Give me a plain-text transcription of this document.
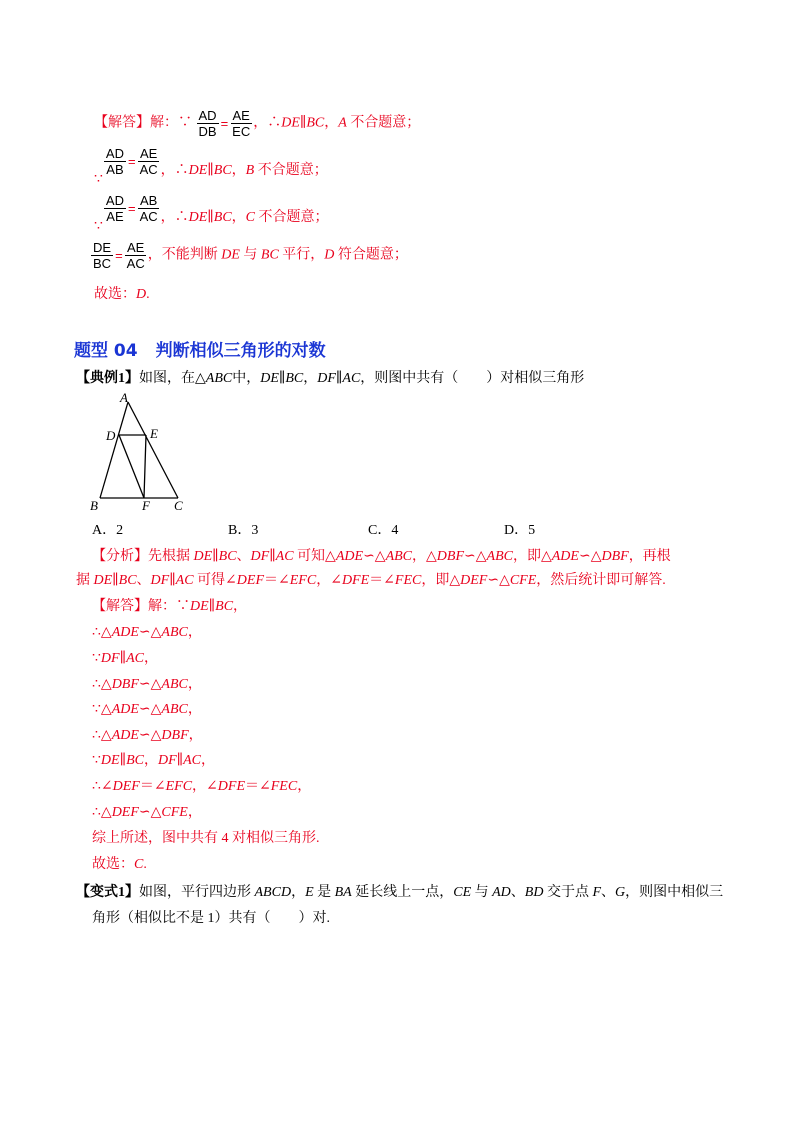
【解答】解：∵ $\frac{AD}{DB} = \frac{AE}{EC}$ ，∴DE∥BC，A 不合题意；
∵
$\frac{AD}{AB} = \frac{AE}{AC}$ ，∴DE∥BC，B 不合题意；
∵
$\frac{AD}{AE} = \frac{AB}{AC}$ ，∴DE∥BC，C 不合题意；
$\frac{DE}{BC} = \frac{AE}{AC}$ ，不能判断 DE 与 BC 平行，D 符合题意；
故选：D.
题型 04 判断相似三角形的对数
【典例1】如图，在△ABC中，DE∥BC，DF∥AC，则图中共有（　　）对相似三角形
A
D	E
B	F C
A．2	B．3	C．4	D．5
【分析】先根据 DE∥BC、DF∥AC 可知△ADE∽△ABC，△DBF∽△ABC，即△ADE∽△DBF，再根
据 DE∥BC、DF∥AC 可得∠DEF＝∠EFC，∠DFE＝∠FEC，即△DEF∽△CFE，然后统计即可解答.
【解答】解：∵DE∥BC，
∴△ADE∽△ABC，
∵DF∥AC，
∴△DBF∽△ABC，
∵△ADE∽△ABC，
∴△ADE∽△DBF，
∵DE∥BC，DF∥AC，
∴∠DEF＝∠EFC，∠DFE＝∠FEC，
∴△DEF∽△CFE，
综上所述，图中共有 4 对相似三角形.
故选：C.
【变式1】如图，平行四边形 ABCD，E 是 BA 延长线上一点，CE 与 AD、BD 交于点 F、G，则图中相似三
角形（相似比不是 1）共有（　　）对.
